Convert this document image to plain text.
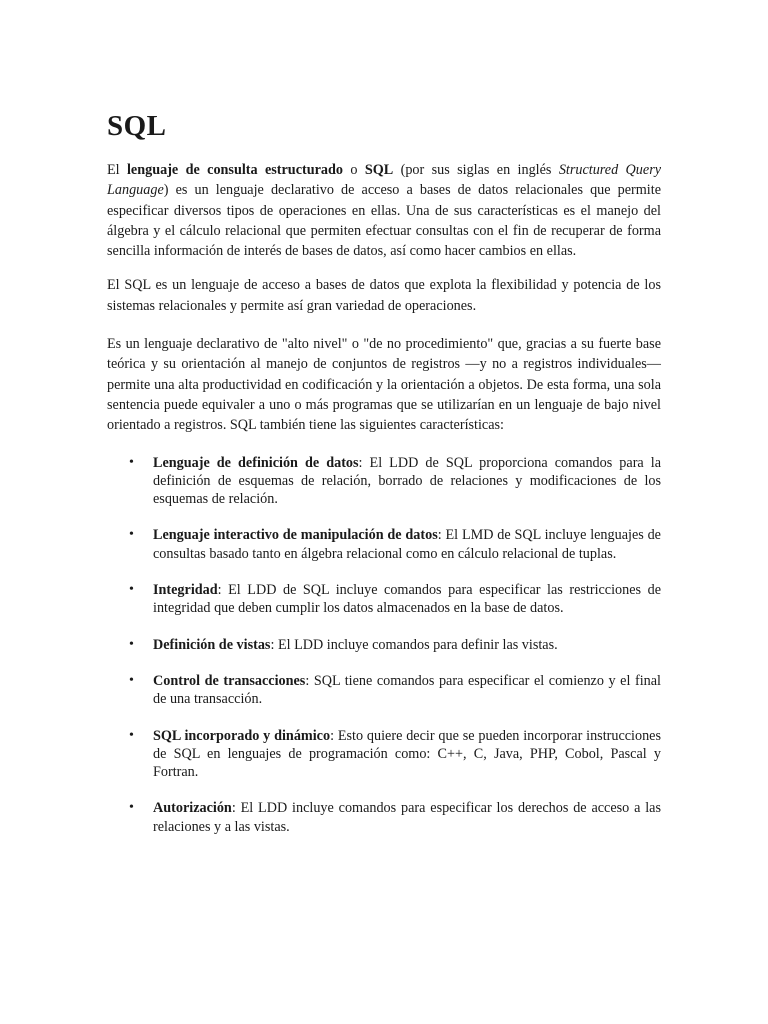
SQL

El lenguaje de consulta estructurado o SQL (por sus siglas en inglés Structured Query Language) es un lenguaje declarativo de acceso a bases de datos relacionales que permite especificar diversos tipos de operaciones en ellas. Una de sus características es el manejo del álgebra y el cálculo relacional que permiten efectuar consultas con el fin de recuperar de forma sencilla información de interés de bases de datos, así como hacer cambios en ellas.

El SQL es un lenguaje de acceso a bases de datos que explota la flexibilidad y potencia de los sistemas relacionales y permite así gran variedad de operaciones.

Es un lenguaje declarativo de "alto nivel" o "de no procedimiento" que, gracias a su fuerte base teórica y su orientación al manejo de conjuntos de registros —y no a registros individuales— permite una alta productividad en codificación y la orientación a objetos. De esta forma, una sola sentencia puede equivaler a uno o más programas que se utilizarían en un lenguaje de bajo nivel orientado a registros. SQL también tiene las siguientes características:

• Lenguaje de definición de datos: El LDD de SQL proporciona comandos para la definición de esquemas de relación, borrado de relaciones y modificaciones de los esquemas de relación.
• Lenguaje interactivo de manipulación de datos: El LMD de SQL incluye lenguajes de consultas basado tanto en álgebra relacional como en cálculo relacional de tuplas.
• Integridad: El LDD de SQL incluye comandos para especificar las restricciones de integridad que deben cumplir los datos almacenados en la base de datos.
• Definición de vistas: El LDD incluye comandos para definir las vistas.
• Control de transacciones: SQL tiene comandos para especificar el comienzo y el final de una transacción.
• SQL incorporado y dinámico: Esto quiere decir que se pueden incorporar instrucciones de SQL en lenguajes de programación como: C++, C, Java, PHP, Cobol, Pascal y Fortran.
• Autorización: El LDD incluye comandos para especificar los derechos de acceso a las relaciones y a las vistas.
